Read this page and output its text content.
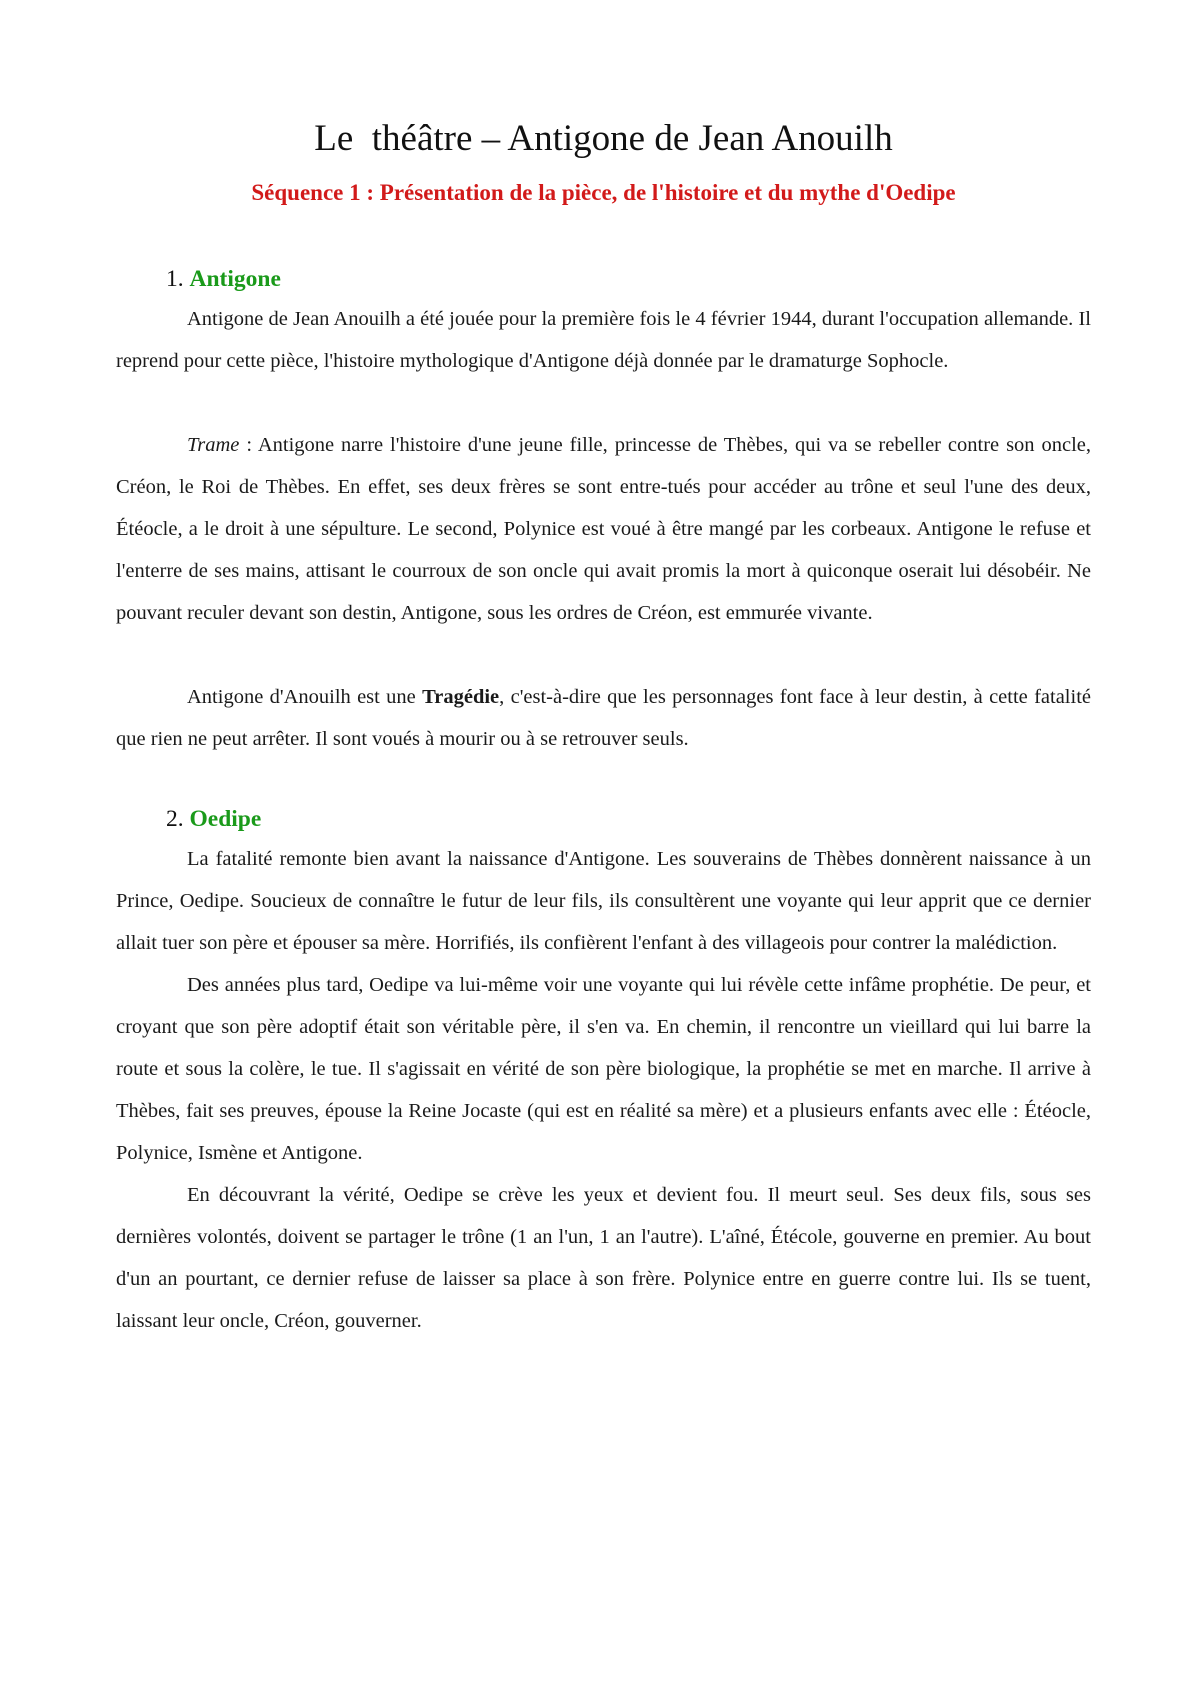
Le  théâtre – Antigone de Jean Anouilh
Séquence 1 : Présentation de la pièce, de l'histoire et du mythe d'Oedipe
1. Antigone

Antigone de Jean Anouilh a été jouée pour la première fois le 4 février 1944, durant l'occupation allemande. Il reprend pour cette pièce, l'histoire mythologique d'Antigone déjà donnée par le dramaturge Sophocle.

Trame : Antigone narre l'histoire d'une jeune fille, princesse de Thèbes, qui va se rebeller contre son oncle, Créon, le Roi de Thèbes. En effet, ses deux frères se sont entre-tués pour accéder au trône et seul l'une des deux, Étéocle, a le droit à une sépulture. Le second, Polynice est voué à être mangé par les corbeaux. Antigone le refuse et l'enterre de ses mains, attisant le courroux de son oncle qui avait promis la mort à quiconque oserait lui désobéir. Ne pouvant reculer devant son destin, Antigone, sous les ordres de Créon, est emmurée vivante.

Antigone d'Anouilh est une Tragédie, c'est-à-dire que les personnages font face à leur destin, à cette fatalité que rien ne peut arrêter. Il sont voués à mourir ou à se retrouver seuls.

2. Oedipe

La fatalité remonte bien avant la naissance d'Antigone. Les souverains de Thèbes donnèrent naissance à un Prince, Oedipe. Soucieux de connaître le futur de leur fils, ils consultèrent une voyante qui leur apprit que ce dernier allait tuer son père et épouser sa mère. Horrifiés, ils confièrent l'enfant à des villageois pour contrer la malédiction.

Des années plus tard, Oedipe va lui-même voir une voyante qui lui révèle cette infâme prophétie. De peur, et croyant que son père adoptif était son véritable père, il s'en va. En chemin, il rencontre un vieillard qui lui barre la route et sous la colère, le tue. Il s'agissait en vérité de son père biologique, la prophétie se met en marche. Il arrive à Thèbes, fait ses preuves, épouse la Reine Jocaste (qui est en réalité sa mère) et a plusieurs enfants avec elle : Étéocle, Polynice, Ismène et Antigone.

En découvrant la vérité, Oedipe se crève les yeux et devient fou. Il meurt seul. Ses deux fils, sous ses dernières volontés, doivent se partager le trône (1 an l'un, 1 an l'autre). L'aîné, Étécole, gouverne en premier. Au bout d'un an pourtant, ce dernier refuse de laisser sa place à son frère. Polynice entre en guerre contre lui. Ils se tuent, laissant leur oncle, Créon, gouverner.
